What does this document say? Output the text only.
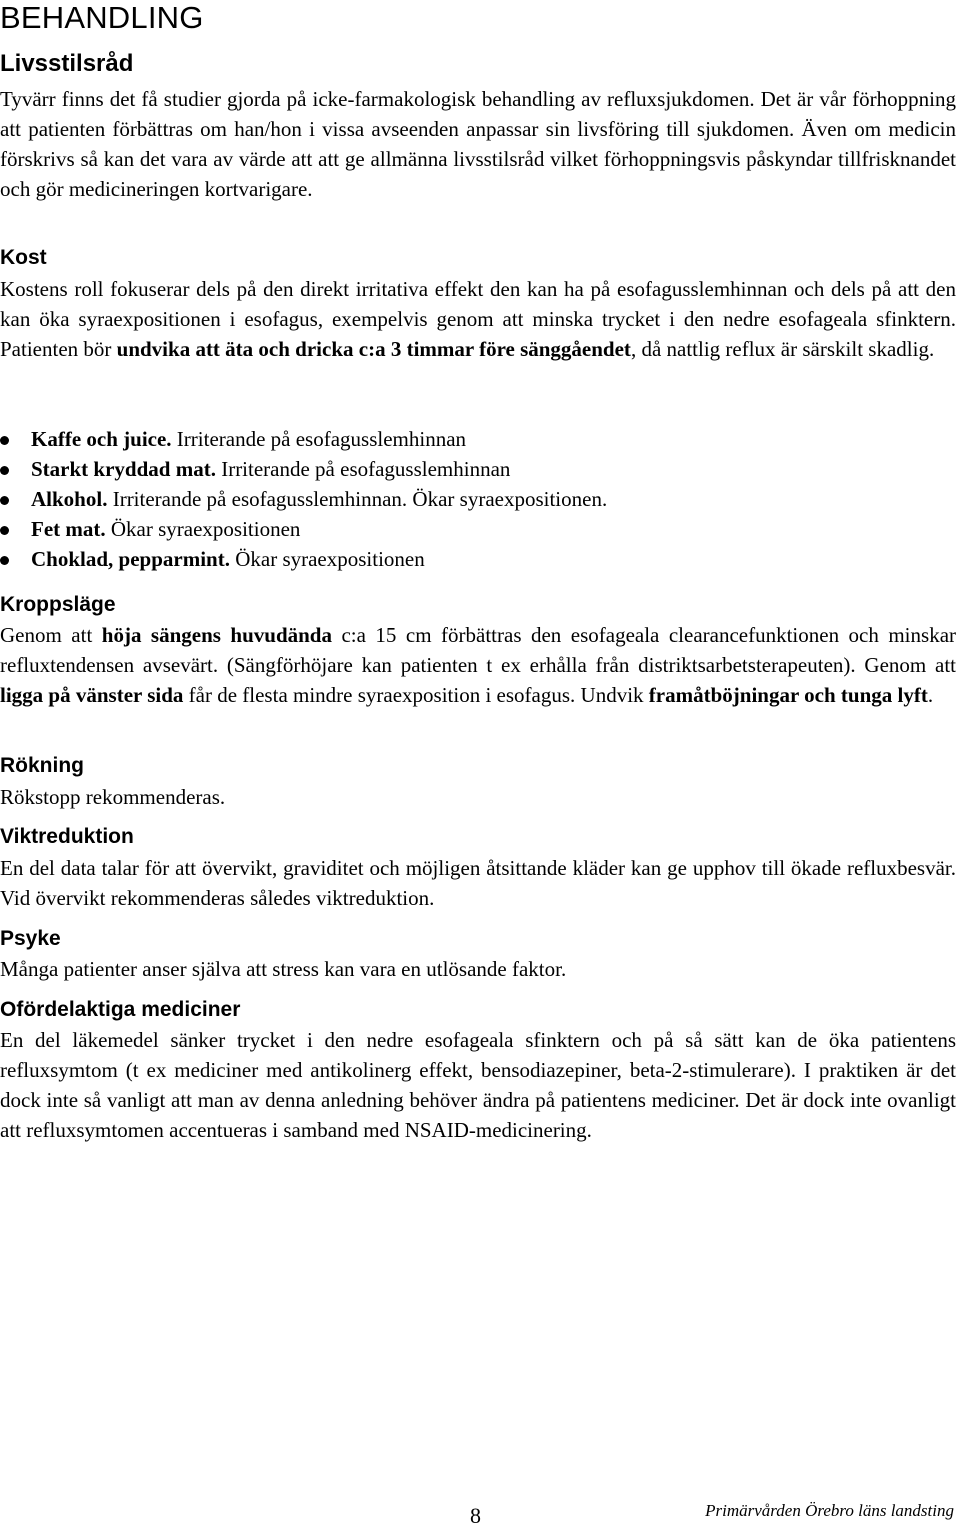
BEHANDLING
Livsstilsråd

Tyvärr finns det få studier gjorda på icke-farmakologisk behandling av refluxsjukdomen. Det är vår förhoppning att patienten förbättras om han/hon i vissa avseenden anpassar sin livsföring till sjukdomen. Även om medicin förskrivs så kan det vara av värde att att ge allmänna livsstilsråd vilket förhoppningsvis påskyndar tillfrisknandet och gör medicineringen kortvarigare.

Kost

Kostens roll fokuserar dels på den direkt irritativa effekt den kan ha på esofagusslemhinnan och dels på att den kan öka syraexpositionen i esofagus, exempelvis genom att minska trycket i den nedre esofageala sfinktern. Patienten bör undvika att äta och dricka c:a 3 timmar före sänggåendet, då nattlig reflux är särskilt skadlig.

Kaffe och juice. Irriterande på esofagusslemhinnan
Starkt kryddad mat. Irriterande på esofagusslemhinnan
Alkohol. Irriterande på esofagusslemhinnan. Ökar syraexpositionen.
Fet mat. Ökar syraexpositionen
Choklad, pepparmint. Ökar syraexpositionen
Kroppsläge

Genom att höja sängens huvudända c:a 15 cm förbättras den esofageala clearancefunktionen och minskar refluxtendensen avsevärt. (Sängförhöjare kan patienten t ex erhålla från distriktsarbetsterapeuten). Genom att ligga på vänster sida får de flesta mindre syraexposition i esofagus. Undvik framåtböjningar och tunga lyft.

Rökning

Rökstopp rekommenderas.

Viktreduktion

En del data talar för att övervikt, graviditet och möjligen åtsittande kläder kan ge upphov till ökade refluxbesvär. Vid övervikt rekommenderas således viktreduktion.

Psyke

Många patienter anser själva att stress kan vara en utlösande faktor.

Ofördelaktiga mediciner

En del läkemedel sänker trycket i den nedre esofageala sfinktern och på så sätt kan de öka patientens refluxsymtom (t ex mediciner med antikolinerg effekt, bensodiazepiner, beta-2-stimulerare). I praktiken är det dock inte så vanligt att man av denna anledning behöver ändra på patientens mediciner. Det är dock inte ovanligt att refluxsymtomen accentueras i samband med NSAID-medicinering.

8	Primärvården Örebro läns landsting
